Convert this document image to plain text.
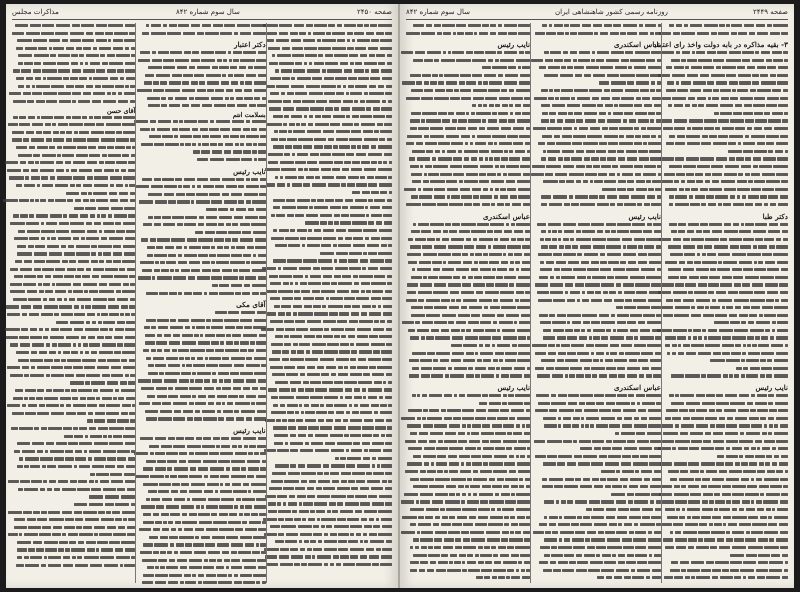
صفحه ۲۴۵۰
سال سوم شماره ۸۴۲
مذاکرات مجلس
دکتر اعتبار
بسلامت انتم
نایب رئیس
آقای مکی
نایب رئیس
آقای حسن
صفحه ۲۴۴۹
روزنامه رسمی کشور شاهنشاهی ایران
سال سوم شماره ۸۴۲
۳- بقیه مذاکره در بابه دولت واخذ رای اعتماد
دکتر طبا
نایب رئیس
عباس اسکندری
نایب رئیس
عباس اسکندری
نایب رئیس
عباس اسکندری
نایب رئیس
